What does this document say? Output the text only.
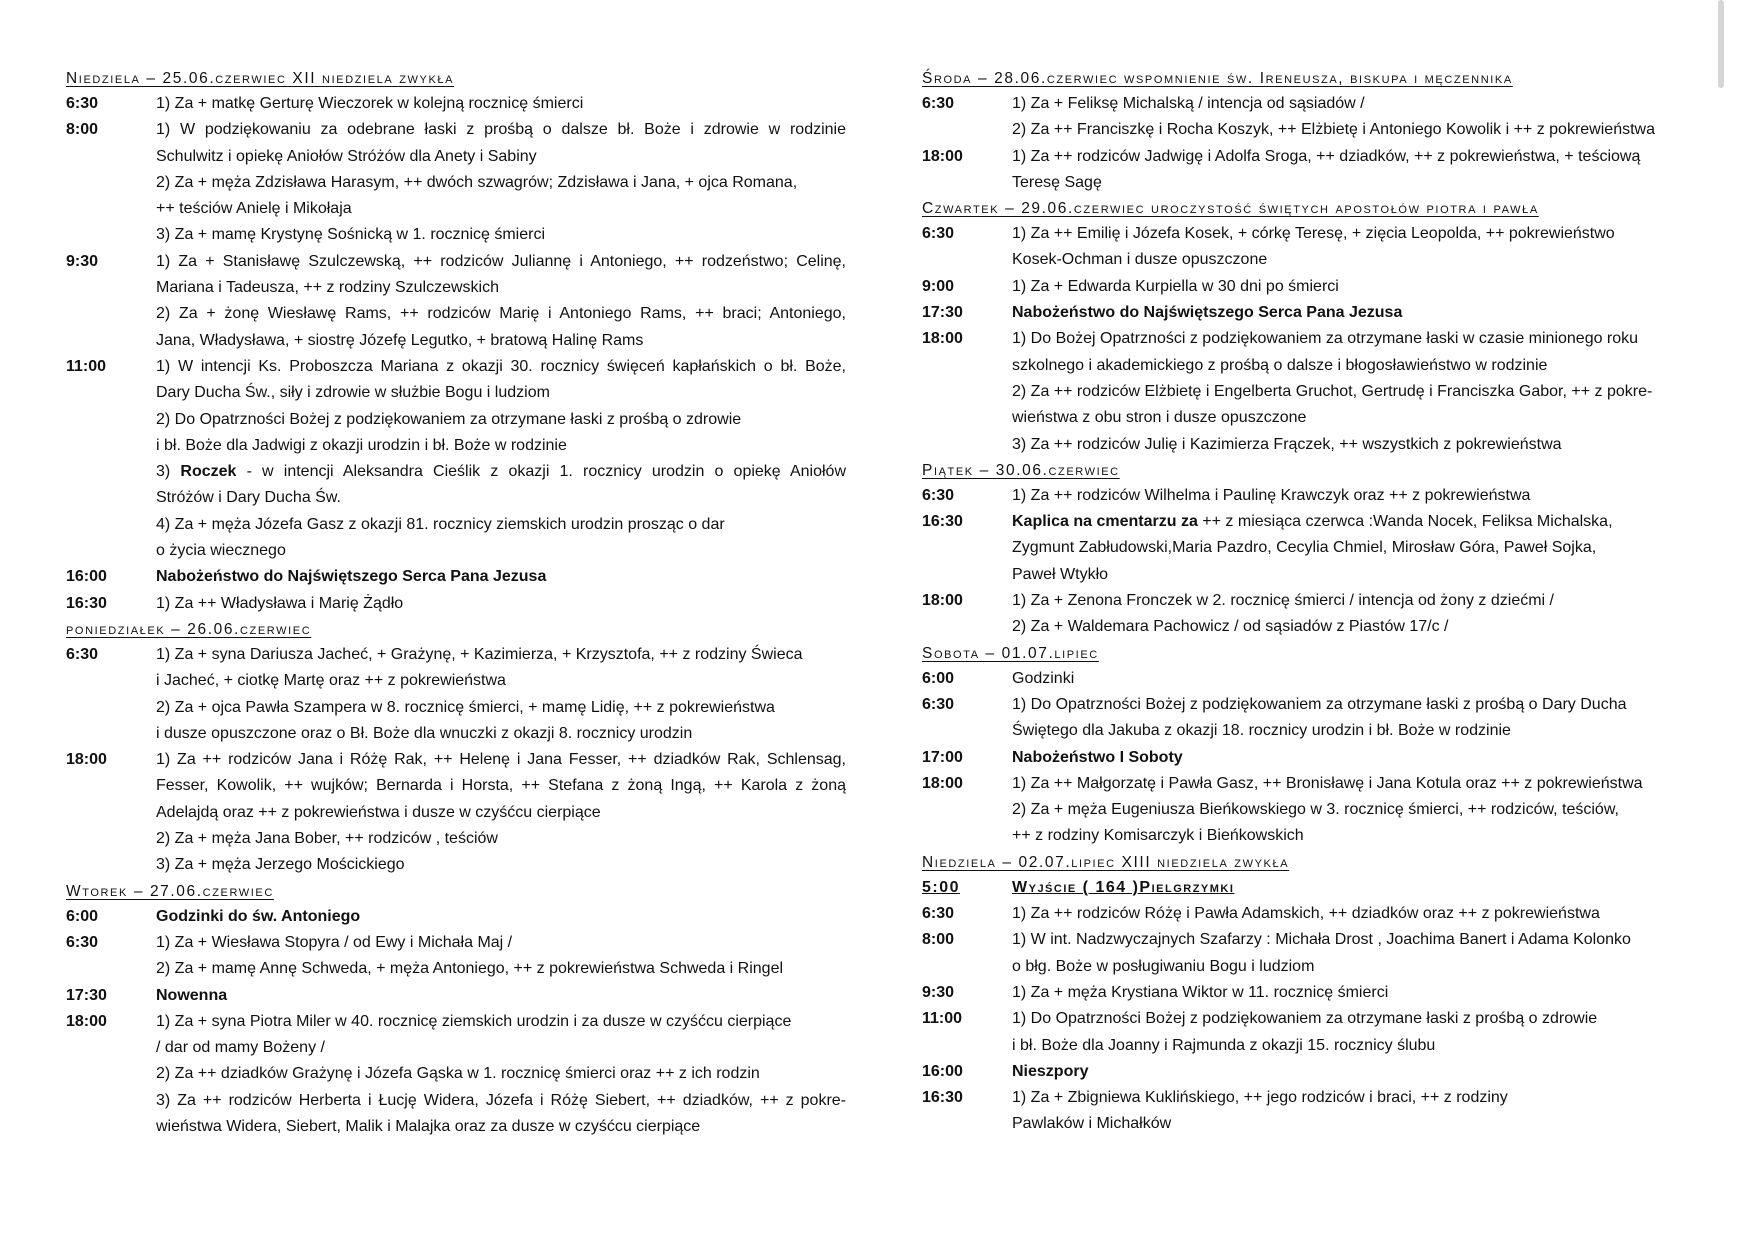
Niedziela – 25.06.czerwiec XII niedziela zwykła
6:30	1) Za + matkę Gerturę Wieczorek w kolejną rocznicę śmierci
8:00	1) W podziękowaniu za odebrane łaski z prośbą o dalsze bł. Boże i zdrowie w rodzinie
Schulwitz i opiekę Aniołów Stróżów dla Anety i Sabiny
2) Za + męża Zdzisława Harasym, ++ dwóch szwagrów; Zdzisława i Jana, + ojca Romana,
++ teściów Anielę i Mikołaja
3) Za + mamę Krystynę Sośnicką w 1. rocznicę śmierci
9:30	1) Za + Stanisławę Szulczewską, ++ rodziców Juliannę i Antoniego, ++ rodzeństwo; Celinę,
Mariana i Tadeusza, ++ z rodziny Szulczewskich
2) Za + żonę Wiesławę Rams, ++ rodziców Marię i Antoniego Rams, ++ braci; Antoniego,
Jana, Władysława, + siostrę Józefę Legutko, + bratową Halinę Rams
11:00	1) W intencji Ks. Proboszcza Mariana z okazji 30. rocznicy święceń kapłańskich o bł. Boże,
Dary Ducha Św., siły i zdrowie w służbie Bogu i ludziom
2) Do Opatrzności Bożej z podziękowaniem za otrzymane łaski z prośbą o zdrowie
i bł. Boże dla Jadwigi z okazji urodzin i bł. Boże w rodzinie
3) Roczek - w intencji Aleksandra Cieślik z okazji 1. rocznicy urodzin o opiekę Aniołów
Stróżów i Dary Ducha Św.
4) Za + męża Józefa Gasz z okazji 81. rocznicy ziemskich urodzin prosząc o dar
o życia wiecznego
16:00	Nabożeństwo do Najświętszego Serca Pana Jezusa
16:30	1) Za ++ Władysława i Marię Żądło
poniedziałek – 26.06.czerwiec
6:30	1) Za + syna Dariusza Jacheć, + Grażynę, + Kazimierza, + Krzysztofa, ++ z rodziny Świeca
i Jacheć, + ciotkę Martę oraz ++ z pokrewieństwa
2) Za + ojca Pawła Szampera w 8. rocznicę śmierci, + mamę Lidię, ++ z pokrewieństwa
i dusze opuszczone oraz o Bł. Boże dla wnuczki z okazji 8. rocznicy urodzin
18:00	1) Za ++ rodziców Jana i Różę Rak, ++ Helenę i Jana Fesser, ++ dziadków Rak, Schlensag,
Fesser, Kowolik, ++ wujków; Bernarda i Horsta, ++ Stefana z żoną Ingą, ++ Karola z żoną
Adelajdą oraz ++ z pokrewieństwa i dusze w czyśćcu cierpiące
2) Za + męża Jana Bober, ++ rodziców , teściów
3) Za + męża Jerzego Mościckiego
Wtorek – 27.06.czerwiec
6:00	Godzinki do św. Antoniego
6:30	1) Za + Wiesława Stopyra / od Ewy i Michała Maj /
2) Za + mamę Annę Schweda, + męża Antoniego, ++ z pokrewieństwa Schweda i Ringel
17:30	Nowenna
18:00	1) Za + syna Piotra Miler w 40. rocznicę ziemskich urodzin i za dusze w czyśćcu cierpiące
/ dar od mamy Bożeny /
2) Za ++ dziadków Grażynę i Józefa Gąska w 1. rocznicę śmierci oraz ++ z ich rodzin
3) Za ++ rodziców Herberta i Łucję Widera, Józefa i Różę Siebert, ++ dziadków, ++ z pokre-
wieństwa Widera, Siebert, Malik i Malajka oraz za dusze w czyśćcu cierpiące
Środa – 28.06.czerwiec wspomnienie św. Ireneusza, biskupa i męczennika
6:30	1) Za + Feliksę Michalską / intencja od sąsiadów /
2) Za ++ Franciszkę i Rocha Koszyk, ++ Elżbietę i Antoniego Kowolik i ++ z pokrewieństwa
18:00	1) Za ++ rodziców Jadwigę i Adolfa Sroga, ++ dziadków, ++ z pokrewieństwa, + teściową
Teresę Sagę
Czwartek – 29.06.czerwiec uroczystość świętych apostołów piotra i pawła
6:30	1) Za ++ Emilię i Józefa Kosek, + córkę Teresę, + zięcia Leopolda, ++ pokrewieństwo
Kosek-Ochman i dusze opuszczone
9:00	1) Za + Edwarda Kurpiella w 30 dni po śmierci
17:30	Nabożeństwo do Najświętszego Serca Pana Jezusa
18:00	1) Do Bożej Opatrzności z podziękowaniem za otrzymane łaski w czasie minionego roku
szkolnego i akademickiego z prośbą o dalsze i błogosławieństwo w rodzinie
2) Za ++ rodziców Elżbietę i Engelberta Gruchot, Gertrudę i Franciszka Gabor, ++ z pokre-
wieństwa z obu stron i dusze opuszczone
3) Za ++ rodziców Julię i Kazimierza Frączek, ++ wszystkich z pokrewieństwa
Piątek – 30.06.czerwiec
6:30	1) Za ++ rodziców Wilhelma i Paulinę Krawczyk oraz ++ z pokrewieństwa
16:30	Kaplica na cmentarzu za ++ z miesiąca czerwca :Wanda Nocek, Feliksa Michalska,
Zygmunt Zabłudowski,Maria Pazdro, Cecylia Chmiel, Mirosław Góra, Paweł Sojka,
Paweł Wtykło
18:00	1) Za + Zenona Fronczek w 2. rocznicę śmierci / intencja od żony z dziećmi /
2) Za + Waldemara Pachowicz / od sąsiadów z Piastów 17/c /
Sobota – 01.07.lipiec
6:00	Godzinki
6:30	1) Do Opatrzności Bożej z podziękowaniem za otrzymane łaski z prośbą o Dary Ducha
Świętego dla Jakuba z okazji 18. rocznicy urodzin i bł. Boże w rodzinie
17:00	Nabożeństwo I Soboty
18:00	1) Za ++ Małgorzatę i Pawła Gasz, ++ Bronisławę i Jana Kotula oraz ++ z pokrewieństwa
2) Za + męża Eugeniusza Bieńkowskiego w 3. rocznicę śmierci, ++ rodziców, teściów,
++ z rodziny Komisarczyk i Bieńkowskich
Niedziela – 02.07.lipiec XIII niedziela zwykła
5:00	Wyjście ( 164 )Pielgrzymki
6:30	1) Za ++ rodziców Różę i Pawła Adamskich, ++ dziadków oraz ++ z pokrewieństwa
8:00	1) W int. Nadzwyczajnych Szafarzy : Michała Drost , Joachima Banert i Adama Kolonko
o błg. Boże w posługiwaniu Bogu i ludziom
9:30	1) Za + męża Krystiana Wiktor w 11. rocznicę śmierci
11:00	1) Do Opatrzności Bożej z podziękowaniem za otrzymane łaski z prośbą o zdrowie
i bł. Boże dla Joanny i Rajmunda z okazji 15. rocznicy ślubu
16:00	Nieszpory
16:30	1) Za + Zbigniewa Kuklińskiego, ++ jego rodziców i braci, ++ z rodziny
Pawlaków i Michałków
